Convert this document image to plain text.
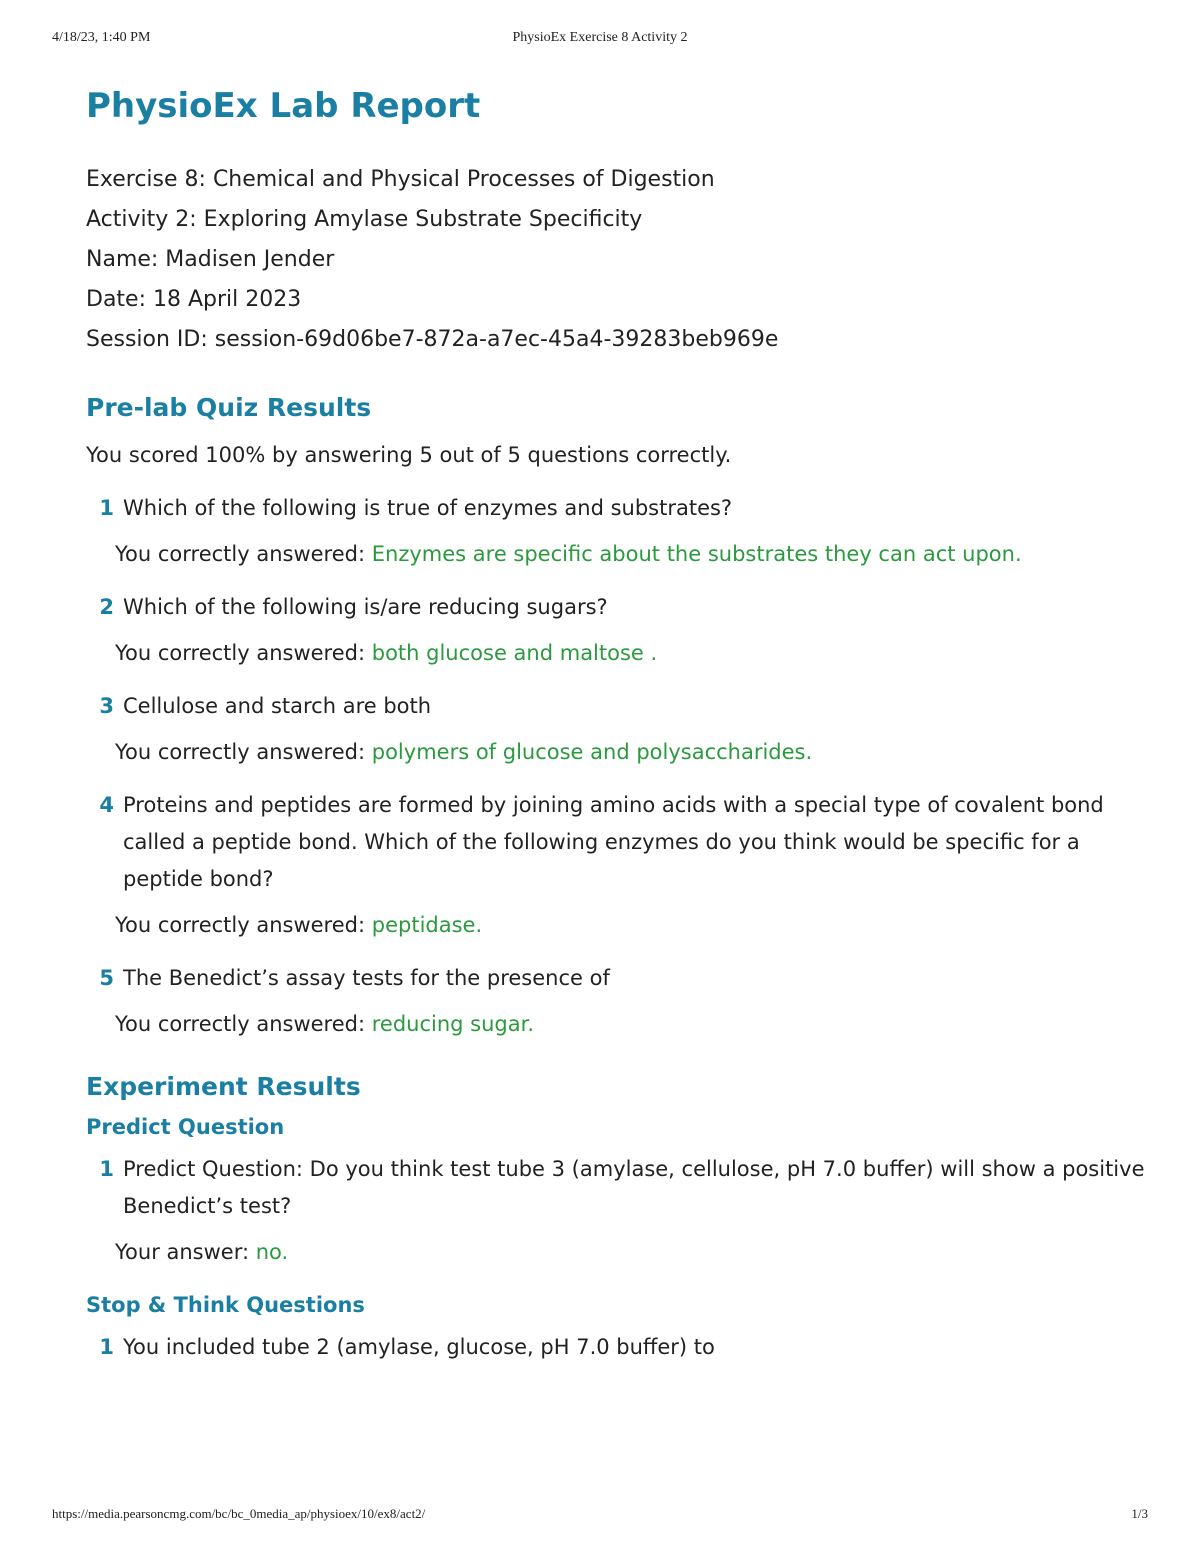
4/18/23, 1:40 PM	PhysioEx Exercise 8 Activity 2
PhysioEx Lab Report

Exercise 8: Chemical and Physical Processes of Digestion

Activity 2: Exploring Amylase Substrate Specificity

Name: Madisen Jender

Date: 18 April 2023

Session ID: session-69d06be7-872a-a7ec-45a4-39283beb969e

Pre-lab Quiz Results

You scored 100% by answering 5 out of 5 questions correctly.

1 Which of the following is true of enzymes and substrates?
You correctly answered: Enzymes are specific about the substrates they can act upon.
2 Which of the following is/are reducing sugars?
You correctly answered: both glucose and maltose .
3 Cellulose and starch are both
You correctly answered: polymers of glucose and polysaccharides.
4 Proteins and peptides are formed by joining amino acids with a special type of covalent bond called a peptide bond. Which of the following enzymes do you think would be specific for a peptide bond?
You correctly answered: peptidase.
5 The Benedict’s assay tests for the presence of
You correctly answered: reducing sugar.
Experiment Results
Predict Question
1 Predict Question: Do you think test tube 3 (amylase, cellulose, pH 7.0 buffer) will show a positive Benedict’s test?
Your answer: no.
Stop & Think Questions
1 You included tube 2 (amylase, glucose, pH 7.0 buffer) to
https://media.pearsoncmg.com/bc/bc_0media_ap/physioex/10/ex8/act2/	1/3
